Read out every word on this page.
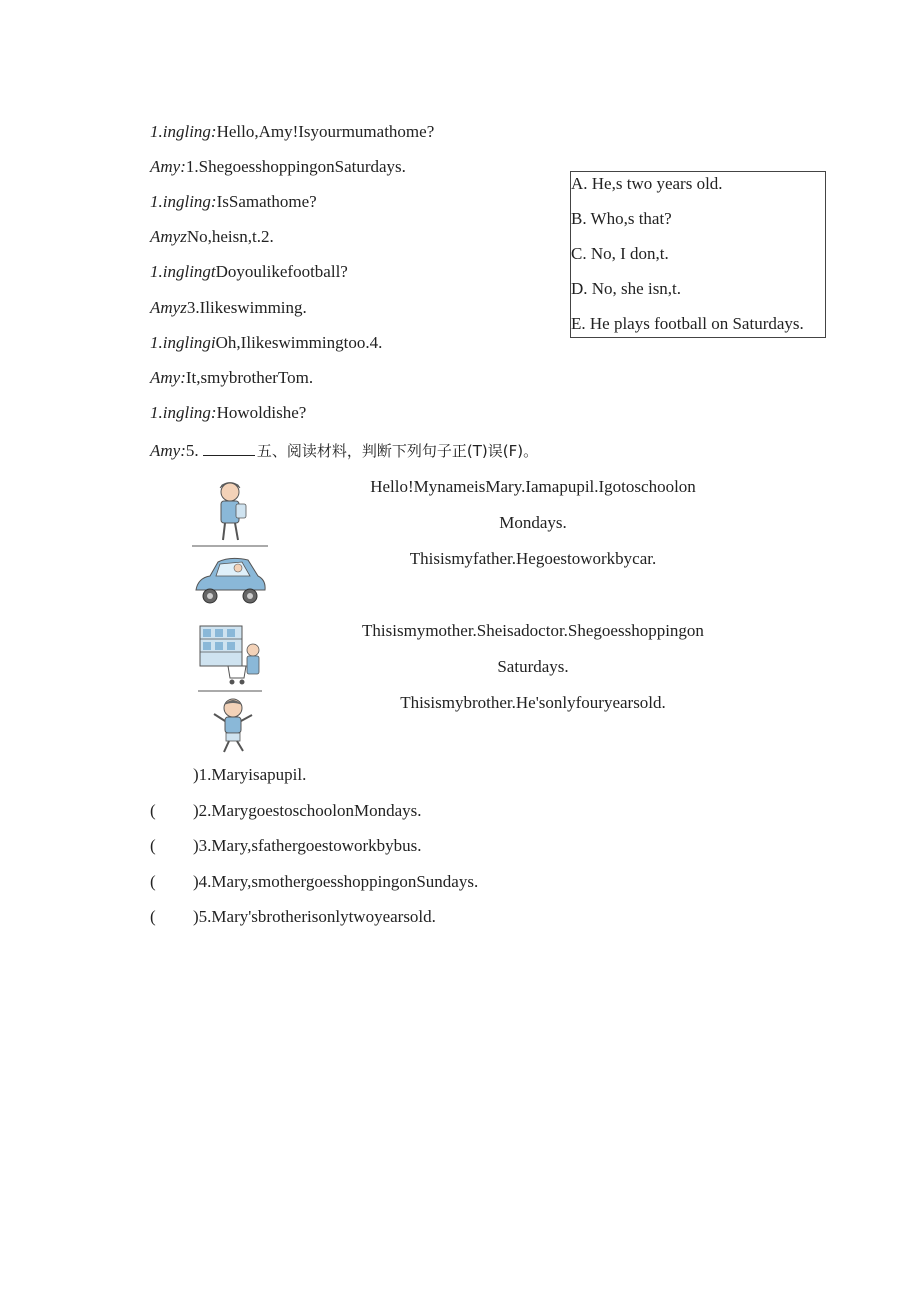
1.ingling:Hello,Amy!Isyourmumathome?
Amy:1.ShegoesshoppingonSaturdays.
1.ingling:IsSamathome?
AmyzNo,heisn,t.2.
1.inglingtDoyoulikefootball?
Amyz3.Ilikeswimming.
1.inglingiOh,Ilikeswimmingtoo.4.
Amy:It,smybrotherTom.
1.ingling:Howoldishe?
Amy:5.	五、阅读材料，判断下列句子正(T)误(F)。
A. He,s two years old.
B. Who,s that?
C. No, I don,t.
D. No, she isn,t.
E. He plays football on Saturdays.
Hello!MynameisMary.Iamapupil.Igotoschoolon
Mondays.
Thisismyfather.Hegoestoworkbycar.
Thisismymother.Sheisadoctor.Shegoesshoppingon
Saturdays.
Thisismybrother.He'sonlyfouryearsold.
)1.Maryisapupil.
( )2.MarygoestoschoolonMondays.
( )3.Mary,sfathergoestoworkbybus.
( )4.Mary,smothergoesshoppingonSundays.
( )5.Mary'sbrotherisonlytwoyearsold.
